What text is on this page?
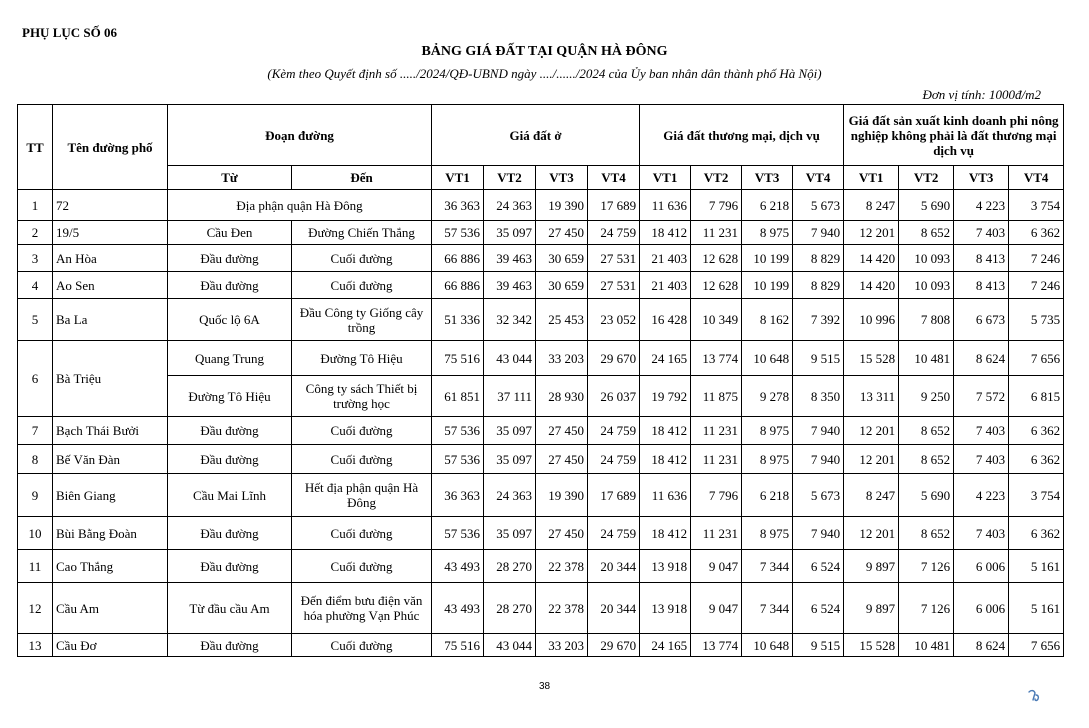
PHỤ LỤC SỐ 06
BẢNG GIÁ ĐẤT TẠI QUẬN HÀ ĐÔNG
(Kèm theo Quyết định số ...../2024/QĐ-UBND ngày ..../....../2024 của Ủy ban nhân dân thành phố Hà Nội)
Đơn vị tính: 1000đ/m2
TT	Tên đường phố	Đoạn đường		Giá đất ở				Giá đất thương mại, dịch vụ				Giá đất sản xuất kinh doanh phi nông nghiệp không phải là đất thương mại dịch vụ			
		Từ	Đến	VT1	VT2	VT3	VT4	VT1	VT2	VT3	VT4	VT1	VT2	VT3	VT4
1	72	Địa phận quận Hà Đông		36 363	24 363	19 390	17 689	11 636	7 796	6 218	5 673	8 247	5 690	4 223	3 754
2	19/5	Cầu Đen	Đường Chiến Thắng	57 536	35 097	27 450	24 759	18 412	11 231	8 975	7 940	12 201	8 652	7 403	6 362
3	An Hòa	Đầu đường	Cuối đường	66 886	39 463	30 659	27 531	21 403	12 628	10 199	8 829	14 420	10 093	8 413	7 246
4	Ao Sen	Đầu đường	Cuối đường	66 886	39 463	30 659	27 531	21 403	12 628	10 199	8 829	14 420	10 093	8 413	7 246
5	Ba La	Quốc lộ 6A	Đầu Công ty Giống cây trồng	51 336	32 342	25 453	23 052	16 428	10 349	8 162	7 392	10 996	7 808	6 673	5 735
6	Bà Triệu	Quang Trung	Đường Tô Hiệu	75 516	43 044	33 203	29 670	24 165	13 774	10 648	9 515	15 528	10 481	8 624	7 656
		Đường Tô Hiệu	Công ty sách Thiết bị trường học	61 851	37 111	28 930	26 037	19 792	11 875	9 278	8 350	13 311	9 250	7 572	6 815
7	Bạch Thái Bưởi	Đầu đường	Cuối đường	57 536	35 097	27 450	24 759	18 412	11 231	8 975	7 940	12 201	8 652	7 403	6 362
8	Bế Văn Đàn	Đầu đường	Cuối đường	57 536	35 097	27 450	24 759	18 412	11 231	8 975	7 940	12 201	8 652	7 403	6 362
9	Biên Giang	Cầu Mai Lĩnh	Hết địa phận quận Hà Đông	36 363	24 363	19 390	17 689	11 636	7 796	6 218	5 673	8 247	5 690	4 223	3 754
10	Bùi Bằng Đoàn	Đầu đường	Cuối đường	57 536	35 097	27 450	24 759	18 412	11 231	8 975	7 940	12 201	8 652	7 403	6 362
11	Cao Thắng	Đầu đường	Cuối đường	43 493	28 270	22 378	20 344	13 918	9 047	7 344	6 524	9 897	7 126	6 006	5 161
12	Cầu Am	Từ đầu cầu Am	Đến điểm bưu điện văn hóa phường Vạn Phúc	43 493	28 270	22 378	20 344	13 918	9 047	7 344	6 524	9 897	7 126	6 006	5 161
13	Cầu Đơ	Đầu đường	Cuối đường	75 516	43 044	33 203	29 670	24 165	13 774	10 648	9 515	15 528	10 481	8 624	7 656
38
